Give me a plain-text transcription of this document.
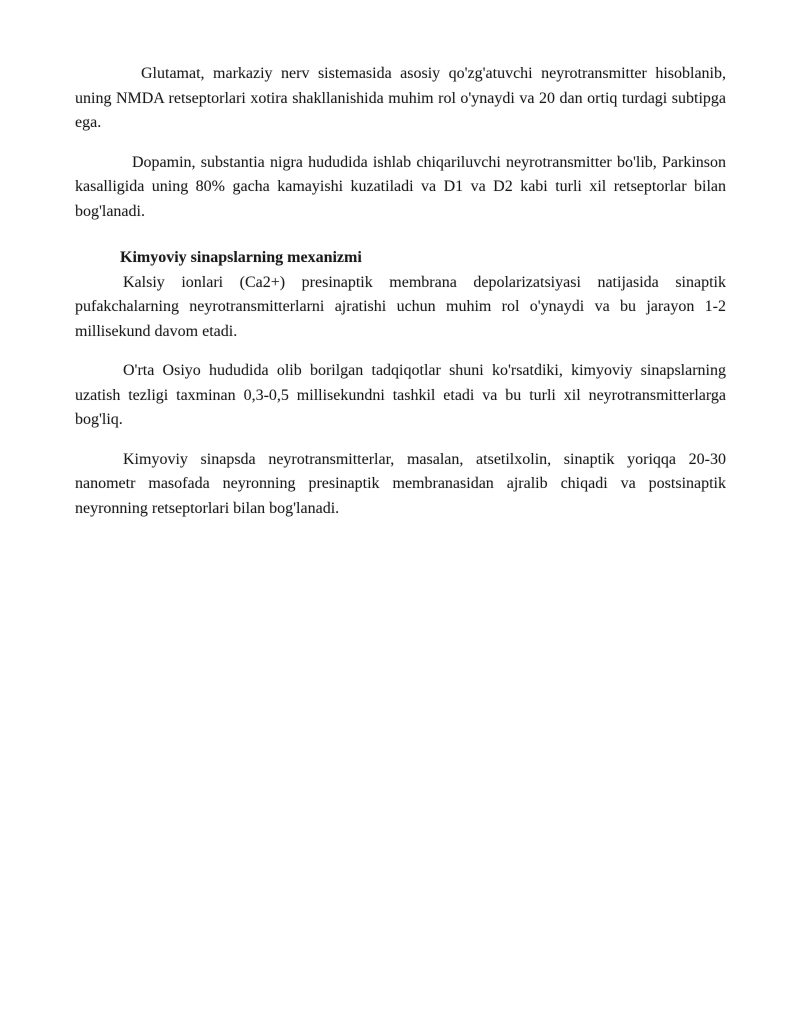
Glutamat, markaziy nerv sistemasida asosiy qo'zg'atuvchi neyrotransmitter hisoblanib, uning NMDA retseptorlari xotira shakllanishida muhim rol o'ynaydi va 20 dan ortiq turdagi subtipga ega.

Dopamin, substantia nigra hududida ishlab chiqariluvchi neyrotransmitter bo'lib, Parkinson kasalligida uning 80% gacha kamayishi kuzatiladi va D1 va D2 kabi turli xil retseptorlar bilan bog'lanadi.

Kimyoviy sinapslarning mexanizmi

Kalsiy ionlari (Ca2+) presinaptik membrana depolarizatsiyasi natijasida sinaptik pufakchalarning neyrotransmitterlarni ajratishi uchun muhim rol o'ynaydi va bu jarayon 1-2 millisekund davom etadi.

O'rta Osiyo hududida olib borilgan tadqiqotlar shuni ko'rsatdiki, kimyoviy sinapslarning uzatish tezligi taxminan 0,3-0,5 millisekundni tashkil etadi va bu turli xil neyrotransmitterlarga bog'liq.

Kimyoviy sinapsda neyrotransmitterlar, masalan, atsetilxolin, sinaptik yoriqqa 20-30 nanometr masofada neyronning presinaptik membranasidan ajralib chiqadi va postsinaptik neyronning retseptorlari bilan bog'lanadi.
